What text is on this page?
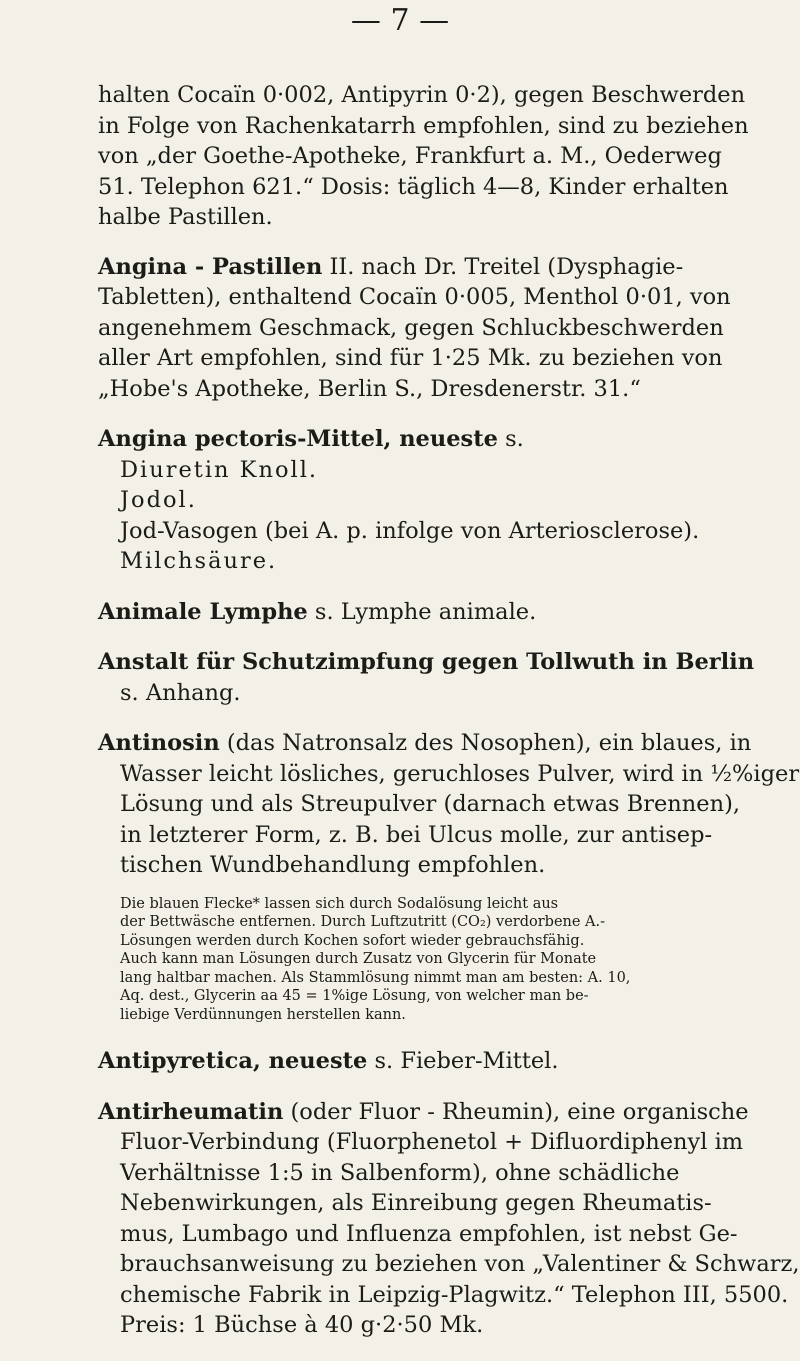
— 7 —

halten Cocaïn 0·002, Antipyrin 0·2), gegen Beschwerden
in Folge von Rachenkatarrh empfohlen, sind zu beziehen
von „der Goethe-Apotheke, Frankfurt a. M., Oederweg
51. Telephon 621.“ Dosis: täglich 4—8, Kinder erhalten
halbe Pastillen.

Angina - Pastillen II. nach Dr. Treitel (Dysphagie-
Tabletten), enthaltend Cocaïn 0·005, Menthol 0·01, von
angenehmem Geschmack, gegen Schluckbeschwerden
aller Art empfohlen, sind für 1·25 Mk. zu beziehen von
„Hobe's Apotheke, Berlin S., Dresdenerstr. 31.“

Angina pectoris-Mittel, neueste s.
Diuretin Knoll.
Jodol.
Jod-Vasogen (bei A. p. infolge von Arteriosclerose).
Milchsäure.

Animale Lymphe s. Lymphe animale.

Anstalt für Schutzimpfung gegen Tollwuth in Berlin
s. Anhang.

Antinosin (das Natronsalz des Nosophen), ein blaues, in
Wasser leicht lösliches, geruchloses Pulver, wird in ½%iger
Lösung und als Streupulver (darnach etwas Brennen),
in letzterer Form, z. B. bei Ulcus molle, zur antisep-
tischen Wundbehandlung empfohlen.

Die blauen Flecke* lassen sich durch Sodalösung leicht aus
der Bettwäsche entfernen. Durch Luftzutritt (CO₂) verdorbene A.-
Lösungen werden durch Kochen sofort wieder gebrauchsfähig.
Auch kann man Lösungen durch Zusatz von Glycerin für Monate
lang haltbar machen. Als Stammlösung nimmt man am besten: A. 10,
Aq. dest., Glycerin aa 45 = 1%ige Lösung, von welcher man be-
liebige Verdünnungen herstellen kann.

Antipyretica, neueste s. Fieber-Mittel.

Antirheumatin (oder Fluor - Rheumin), eine organische
Fluor-Verbindung (Fluorphenetol + Difluordiphenyl im
Verhältnisse 1:5 in Salbenform), ohne schädliche
Nebenwirkungen, als Einreibung gegen Rheumatis-
mus, Lumbago und Influenza empfohlen, ist nebst Ge-
brauchsanweisung zu beziehen von „Valentiner & Schwarz,
chemische Fabrik in Leipzig-Plagwitz.“ Telephon III, 5500.
Preis: 1 Büchse à 40 g·2·50 Mk.
